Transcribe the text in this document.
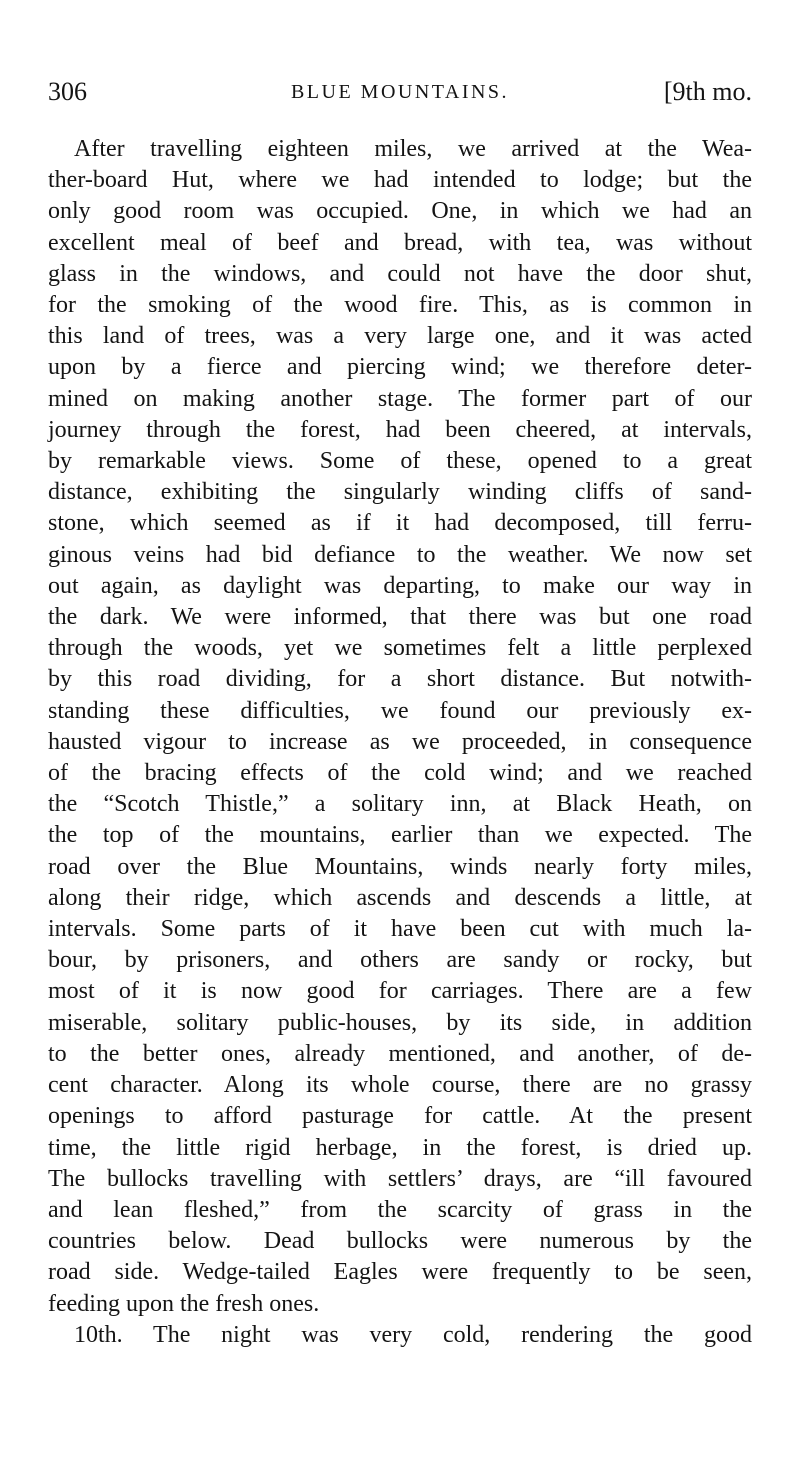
306	BLUE MOUNTAINS.	[9th mo.
After travelling eighteen miles, we arrived at the Wea-
ther-board Hut, where we had intended to lodge; but the
only good room was occupied. One, in which we had an
excellent meal of beef and bread, with tea, was without
glass in the windows, and could not have the door shut,
for the smoking of the wood fire. This, as is common in
this land of trees, was a very large one, and it was acted
upon by a fierce and piercing wind; we therefore deter-
mined on making another stage. The former part of our
journey through the forest, had been cheered, at intervals,
by remarkable views. Some of these, opened to a great
distance, exhibiting the singularly winding cliffs of sand-
stone, which seemed as if it had decomposed, till ferru-
ginous veins had bid defiance to the weather. We now set
out again, as daylight was departing, to make our way in
the dark. We were informed, that there was but one road
through the woods, yet we sometimes felt a little perplexed
by this road dividing, for a short distance. But notwith-
standing these difficulties, we found our previously ex-
hausted vigour to increase as we proceeded, in consequence
of the bracing effects of the cold wind; and we reached
the “Scotch Thistle,” a solitary inn, at Black Heath, on
the top of the mountains, earlier than we expected. The
road over the Blue Mountains, winds nearly forty miles,
along their ridge, which ascends and descends a little, at
intervals. Some parts of it have been cut with much la-
bour, by prisoners, and others are sandy or rocky, but
most of it is now good for carriages. There are a few
miserable, solitary public-houses, by its side, in addition
to the better ones, already mentioned, and another, of de-
cent character. Along its whole course, there are no grassy
openings to afford pasturage for cattle. At the present
time, the little rigid herbage, in the forest, is dried up.
The bullocks travelling with settlers’ drays, are “ill favoured
and lean fleshed,” from the scarcity of grass in the
countries below. Dead bullocks were numerous by the
road side. Wedge-tailed Eagles were frequently to be seen,
feeding upon the fresh ones.
10th. The night was very cold, rendering the good
